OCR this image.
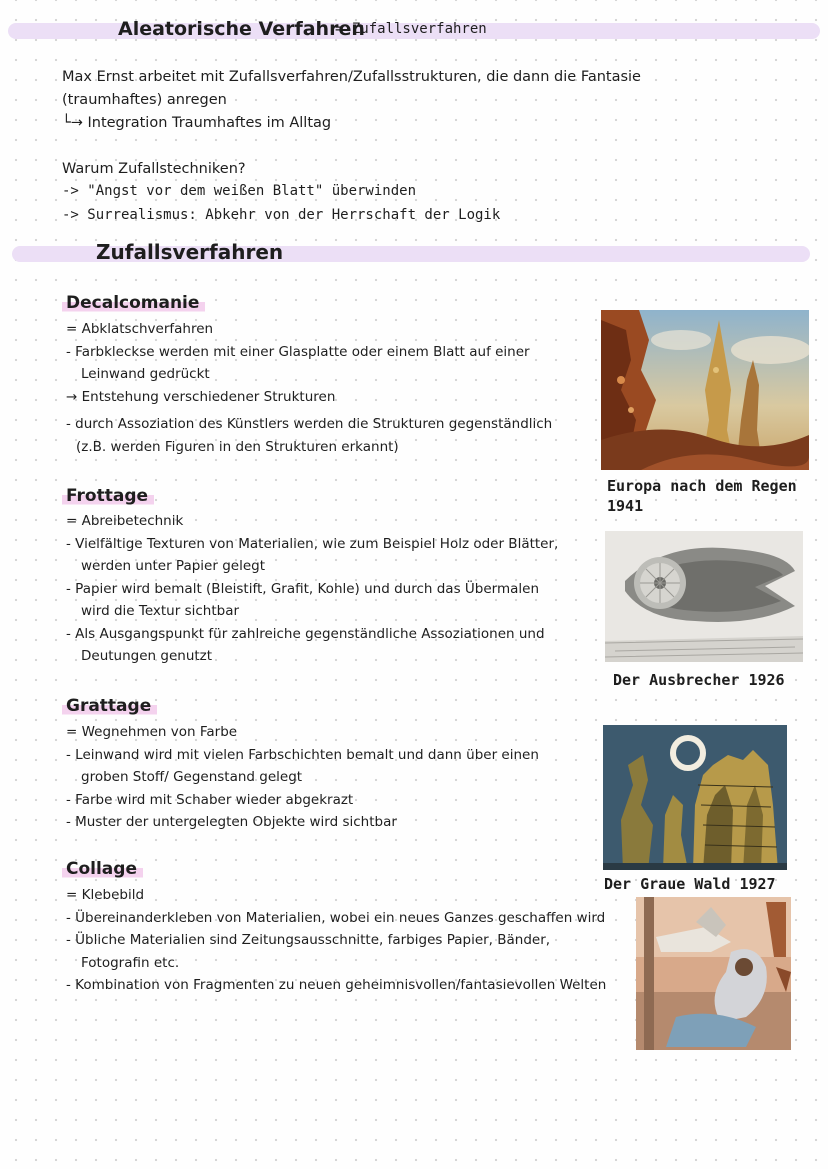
Aleatorische Verfahren
= Zufallsverfahren
Max Ernst arbeitet mit Zufallsverfahren/Zufallsstrukturen, die dann die Fantasie
(traumhaftes) anregen
└→ Integration Traumhaftes im Alltag
Warum Zufallstechniken?
-> "Angst vor dem weißen Blatt" überwinden
-> Surrealismus: Abkehr von der Herrschaft der Logik
Zufallsverfahren
Decalcomanie
= Abklatschverfahren
- Farbkleckse werden mit einer Glasplatte oder einem Blatt auf einer
Leinwand gedrückt
→ Entstehung verschiedener Strukturen
- durch Assoziation des Künstlers werden die Strukturen gegenständlich
(z.B. werden Figuren in den Strukturen erkannt)
Frottage
= Abreibetechnik
- Vielfältige Texturen von Materialien, wie zum Beispiel Holz oder Blätter,
werden unter Papier gelegt
- Papier wird bemalt (Bleistift, Grafit, Kohle) und durch das Übermalen
wird die Textur sichtbar
- Als Ausgangspunkt für zahlreiche gegenständliche Assoziationen und
Deutungen genutzt
Grattage
= Wegnehmen von Farbe
- Leinwand wird mit vielen Farbschichten bemalt und dann über einen
groben Stoff/ Gegenstand gelegt
- Farbe wird mit Schaber wieder abgekrazt
- Muster der untergelegten Objekte wird sichtbar
Collage
= Klebebild
- Übereinanderkleben von Materialien, wobei ein neues Ganzes geschaffen wird
- Übliche Materialien sind Zeitungsausschnitte, farbiges Papier, Bänder,
Fotografin etc.
- Kombination von Fragmenten zu neuen geheimnisvollen/fantasievollen Welten
Europa nach dem Regen
1941
Der Ausbrecher 1926
Der Graue Wald 1927
